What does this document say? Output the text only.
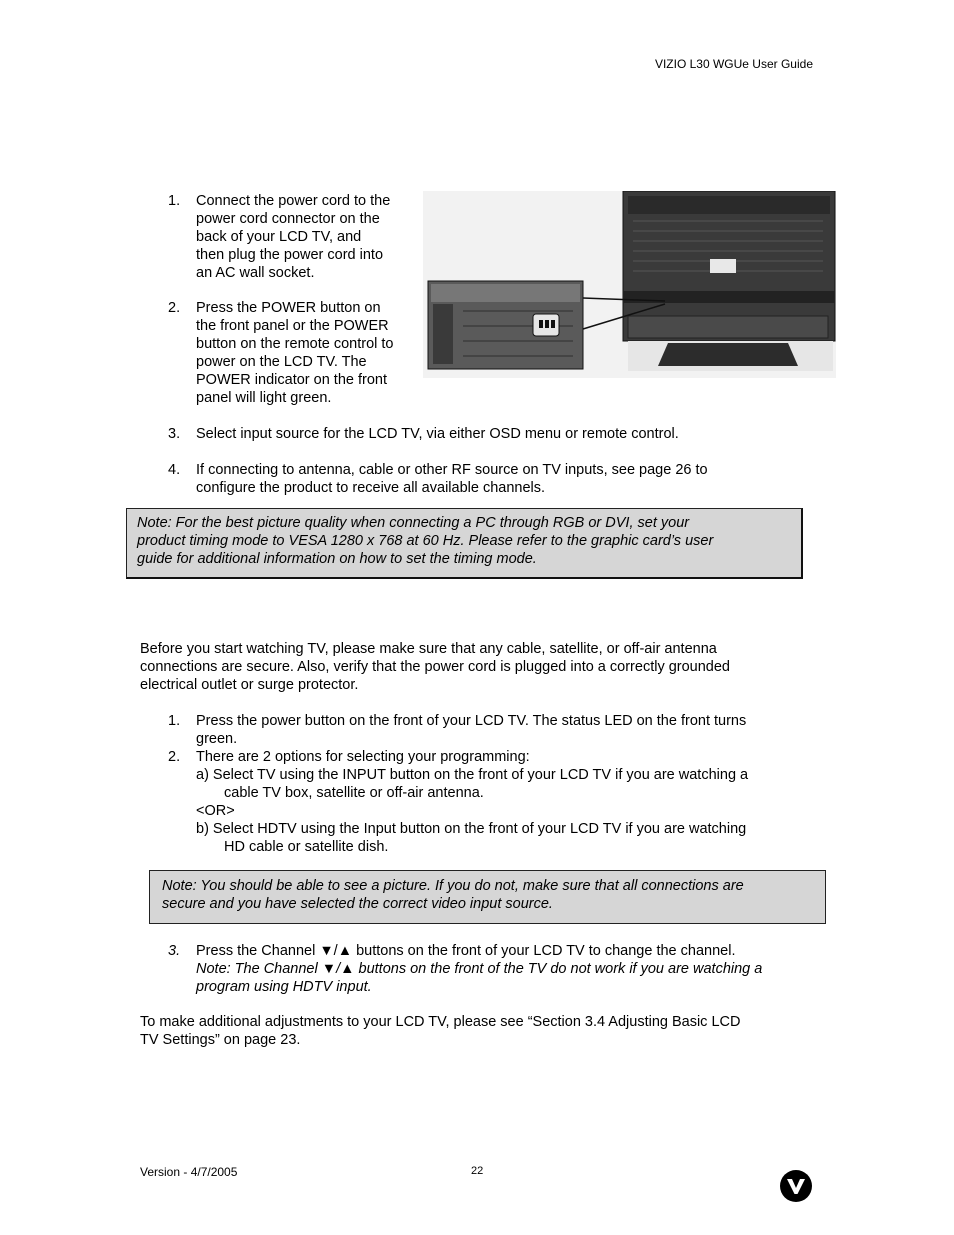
VIZIO L30 WGUe User Guide
1. Connect the power cord to the
power cord connector on the
back of your LCD TV, and
then plug the power cord into
an AC wall socket.
2. Press the POWER button on
the front panel or the POWER
button on the remote control to
power on the LCD TV. The
POWER indicator on the front
panel will light green.
3. Select input source for the LCD TV, via either OSD menu or remote control.
4. If connecting to antenna, cable or other RF source on TV inputs, see page 26 to
configure the product to receive all available channels.
Note: For the best picture quality when connecting a PC through RGB or DVI, set your
product timing mode to VESA 1280 x 768 at 60 Hz. Please refer to the graphic card’s user
guide for additional information on how to set the timing mode.
Before you start watching TV, please make sure that any cable, satellite, or off-air antenna
connections are secure. Also, verify that the power cord is plugged into a correctly grounded
electrical outlet or surge protector.
1. Press the power button on the front of your LCD TV. The status LED on the front turns
green.
2. There are 2 options for selecting your programming:
a) Select TV using the INPUT button on the front of your LCD TV if you are watching a
cable TV box, satellite or off-air antenna.
<OR>
b) Select HDTV using the Input button on the front of your LCD TV if you are watching
HD cable or satellite dish.
Note: You should be able to see a picture. If you do not, make sure that all connections are
secure and you have selected the correct video input source.
3. Press the Channel ▼/▲ buttons on the front of your LCD TV to change the channel.
Note: The Channel ▼/▲ buttons on the front of the TV do not work if you are watching a
program using HDTV input.
To make additional adjustments to your LCD TV, please see “Section 3.4 Adjusting Basic LCD
TV Settings” on page 23.
Version - 4/7/2005	22
